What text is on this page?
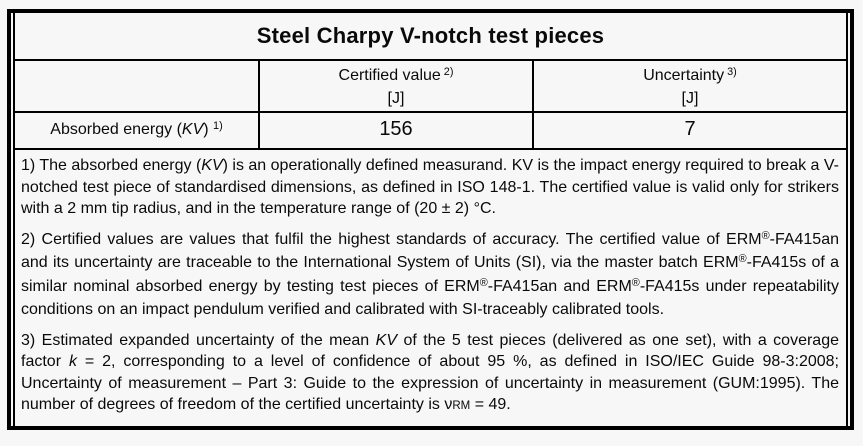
Steel Charpy V-notch test pieces
Certified value $^{2)}$
[J]
Uncertainty $^{3)}$
[J]
Absorbed energy (KV) $^{1)}$	156	7

1) The absorbed energy (KV) is an operationally defined measurand. KV is the impact energy required to break a V-notched test piece of standardised dimensions, as defined in ISO 148-1. The certified value is valid only for strikers with a 2 mm tip radius, and in the temperature range of (20 ± 2) °C.

2) Certified values are values that fulfil the highest standards of accuracy. The certified value of ERM®-FA415an and its uncertainty are traceable to the International System of Units (SI), via the master batch ERM®-FA415s of a similar nominal absorbed energy by testing test pieces of ERM®-FA415an and ERM®-FA415s under repeatability conditions on an impact pendulum verified and calibrated with SI-traceably calibrated tools.

3) Estimated expanded uncertainty of the mean KV of the 5 test pieces (delivered as one set), with a coverage factor k = 2, corresponding to a level of confidence of about 95 %, as defined in ISO/IEC Guide 98-3:2008; Uncertainty of measurement – Part 3: Guide to the expression of uncertainty in measurement (GUM:1995). The number of degrees of freedom of the certified uncertainty is νRM = 49.
